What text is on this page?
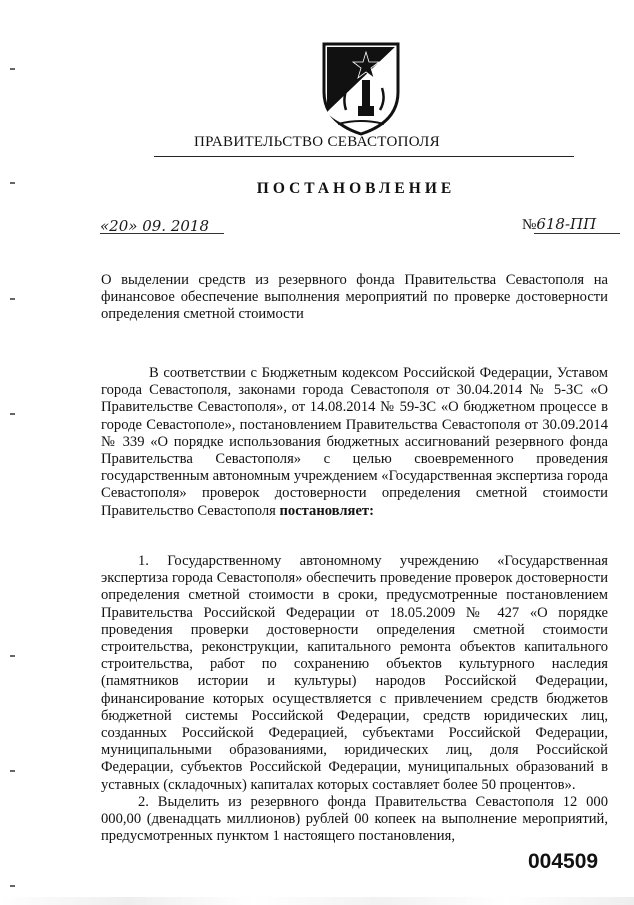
ПРАВИТЕЛЬСТВО СЕВАСТОПОЛЯ
ПОСТАНОВЛЕНИЕ
«20» 09. 2018	№618-ПП
О выделении средств из резервного фонда Правительства Севастополя на финансовое обеспечение выполнения мероприятий по проверке достоверности определения сметной стоимости
В соответствии с Бюджетным кодексом Российской Федерации, Уставом города Севастополя, законами города Севастополя от 30.04.2014 № 5-ЗС «О Правительстве Севастополя», от 14.08.2014 № 59-ЗС «О бюджетном процессе в городе Севастополе», постановлением Правительства Севастополя от 30.09.2014 № 339 «О порядке использования бюджетных ассигнований резервного фонда Правительства Севастополя» с целью своевременного проведения государственным автономным учреждением «Государственная экспертиза города Севастополя» проверок достоверности определения сметной стоимости Правительство Севастополя постановляет:
1. Государственному автономному учреждению «Государственная экспертиза города Севастополя» обеспечить проведение проверок достоверности определения сметной стоимости в сроки, предусмотренные постановлением Правительства Российской Федерации от 18.05.2009 № 427 «О порядке проведения проверки достоверности определения сметной стоимости строительства, реконструкции, капитального ремонта объектов капитального строительства, работ по сохранению объектов культурного наследия (памятников истории и культуры) народов Российской Федерации, финансирование которых осуществляется с привлечением средств бюджетов бюджетной системы Российской Федерации, средств юридических лиц, созданных Российской Федерацией, субъектами Российской Федерации, муниципальными образованиями, юридических лиц, доля Российской Федерации, субъектов Российской Федерации, муниципальных образований в уставных (складочных) капиталах которых составляет более 50 процентов».
2. Выделить из резервного фонда Правительства Севастополя 12 000 000,00 (двенадцать миллионов) рублей 00 копеек на выполнение мероприятий, предусмотренных пунктом 1 настоящего постановления,
004509
